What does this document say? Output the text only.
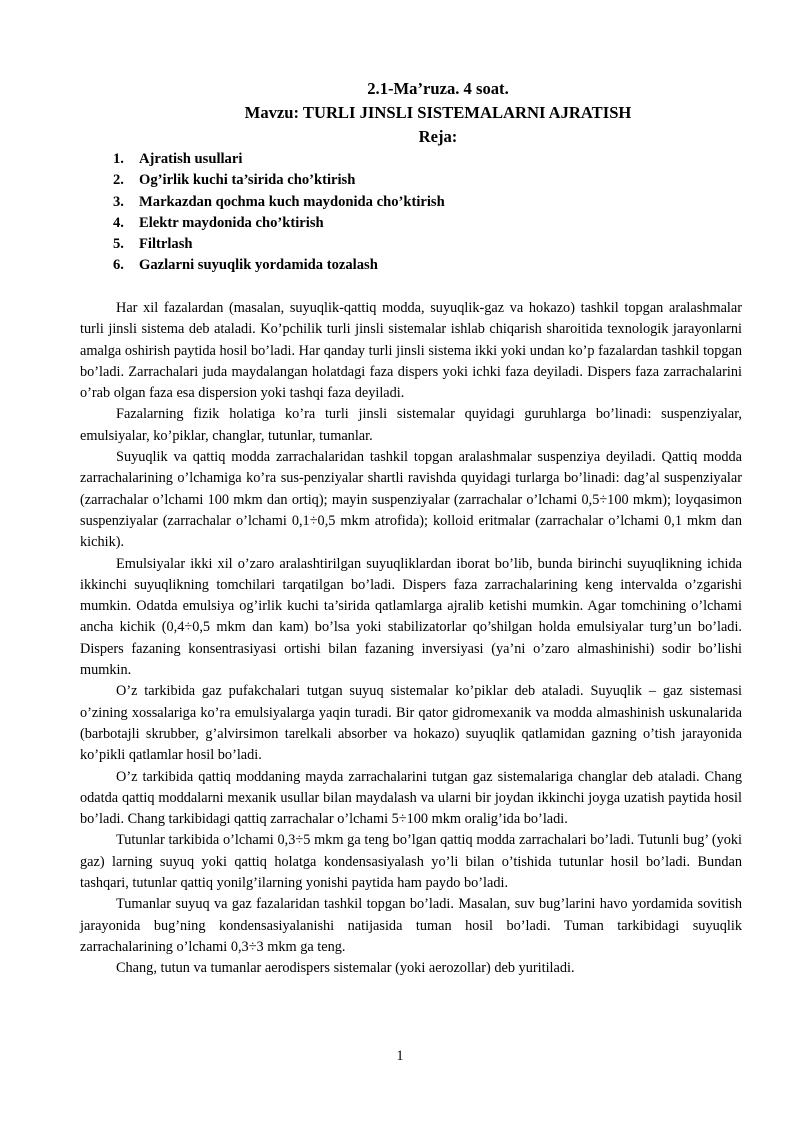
2.1-Ma’ruza. 4 soat.
Mavzu: TURLI JINSLI SISTEMALARNI AJRATISH
Reja:
1. Ajratish usullari
2. Og’irlik kuchi ta’sirida cho’ktirish
3. Markazdan qochma kuch maydonida cho’ktirish
4. Elektr maydonida cho’ktirish
5. Filtrlash
6. Gazlarni suyuqlik yordamida tozalash

Har xil fazalardan (masalan, suyuqlik-qattiq modda, suyuqlik-gaz va hokazo) tashkil topgan aralashmalar turli jinsli sistema deb ataladi. Ko’pchilik turli jinsli sistemalar ishlab chiqarish sharoitida texnologik jarayonlarni amalga oshirish paytida hosil bo’ladi. Har qanday turli jinsli sistema ikki yoki undan ko’p fazalardan tashkil topgan bo’ladi. Zarrachalari juda maydalangan holatdagi faza dispers yoki ichki faza deyiladi. Dispers faza zarrachalarini o’rab olgan faza esa dispersion yoki tashqi faza deyiladi.

Fazalarning fizik holatiga ko’ra turli jinsli sistemalar quyidagi guruhlarga bo’linadi: suspenziyalar, emulsiyalar, ko’piklar, changlar, tutunlar, tumanlar.

Suyuqlik va qattiq modda zarrachalaridan tashkil topgan aralashmalar suspenziya deyiladi. Qattiq modda zarrachalarining o’lchamiga ko’ra sus-penziyalar shartli ravishda quyidagi turlarga bo’linadi: dag’al suspenziyalar (zarrachalar o’lchami 100 mkm dan ortiq); mayin suspenziyalar (zarrachalar o’lchami 0,5÷100 mkm); loyqasimon suspenziyalar (zarrachalar o’lchami 0,1÷0,5 mkm atrofida); kolloid eritmalar (zarrachalar o’lchami 0,1 mkm dan kichik).

Emulsiyalar ikki xil o’zaro aralashtirilgan suyuqliklardan iborat bo’lib, bunda birinchi suyuqlikning ichida ikkinchi suyuqlikning tomchilari tarqatilgan bo’ladi. Dispers faza zarrachalarining keng intervalda o’zgarishi mumkin. Odatda emulsiya og’irlik kuchi ta’sirida qatlamlarga ajralib ketishi mumkin. Agar tomchining o’lchami ancha kichik (0,4÷0,5 mkm dan kam) bo’lsa yoki stabilizatorlar qo’shilgan holda emulsiyalar turg’un bo’ladi. Dispers fazaning konsentrasiyasi ortishi bilan fazaning inversiyasi (ya’ni o’zaro almashinishi) sodir bo’lishi mumkin.

O’z tarkibida gaz pufakchalari tutgan suyuq sistemalar ko’piklar deb ataladi. Suyuqlik – gaz sistemasi o’zining xossalariga ko’ra emulsiyalarga yaqin turadi. Bir qator gidromexanik va modda almashinish uskunalarida (barbotajli skrubber, g’alvirsimon tarelkali absorber va hokazo) suyuqlik qatlamidan gazning o’tish jarayonida ko’pikli qatlamlar hosil bo’ladi.

O’z tarkibida qattiq moddaning mayda zarrachalarini tutgan gaz sistemalariga changlar deb ataladi. Chang odatda qattiq moddalarni mexanik usullar bilan maydalash va ularni bir joydan ikkinchi joyga uzatish paytida hosil bo’ladi. Chang tarkibidagi qattiq zarrachalar o’lchami 5÷100 mkm oralig’ida bo’ladi.

Tutunlar tarkibida o’lchami 0,3÷5 mkm ga teng bo’lgan qattiq modda zarrachalari bo’ladi. Tutunli bug’ (yoki gaz) larning suyuq yoki qattiq holatga kondensasiyalash yo’li bilan o’tishida tutunlar hosil bo’ladi. Bundan tashqari, tutunlar qattiq yonilg’ilarning yonishi paytida ham paydo bo’ladi.

Tumanlar suyuq va gaz fazalaridan tashkil topgan bo’ladi. Masalan, suv bug’larini havo yordamida sovitish jarayonida bug’ning kondensasiyalanishi natijasida tuman hosil bo’ladi. Tuman tarkibidagi suyuqlik zarrachalarining o’lchami 0,3÷3 mkm ga teng.

Chang, tutun va tumanlar aerodispers sistemalar (yoki aerozollar) deb yuritiladi.

1
